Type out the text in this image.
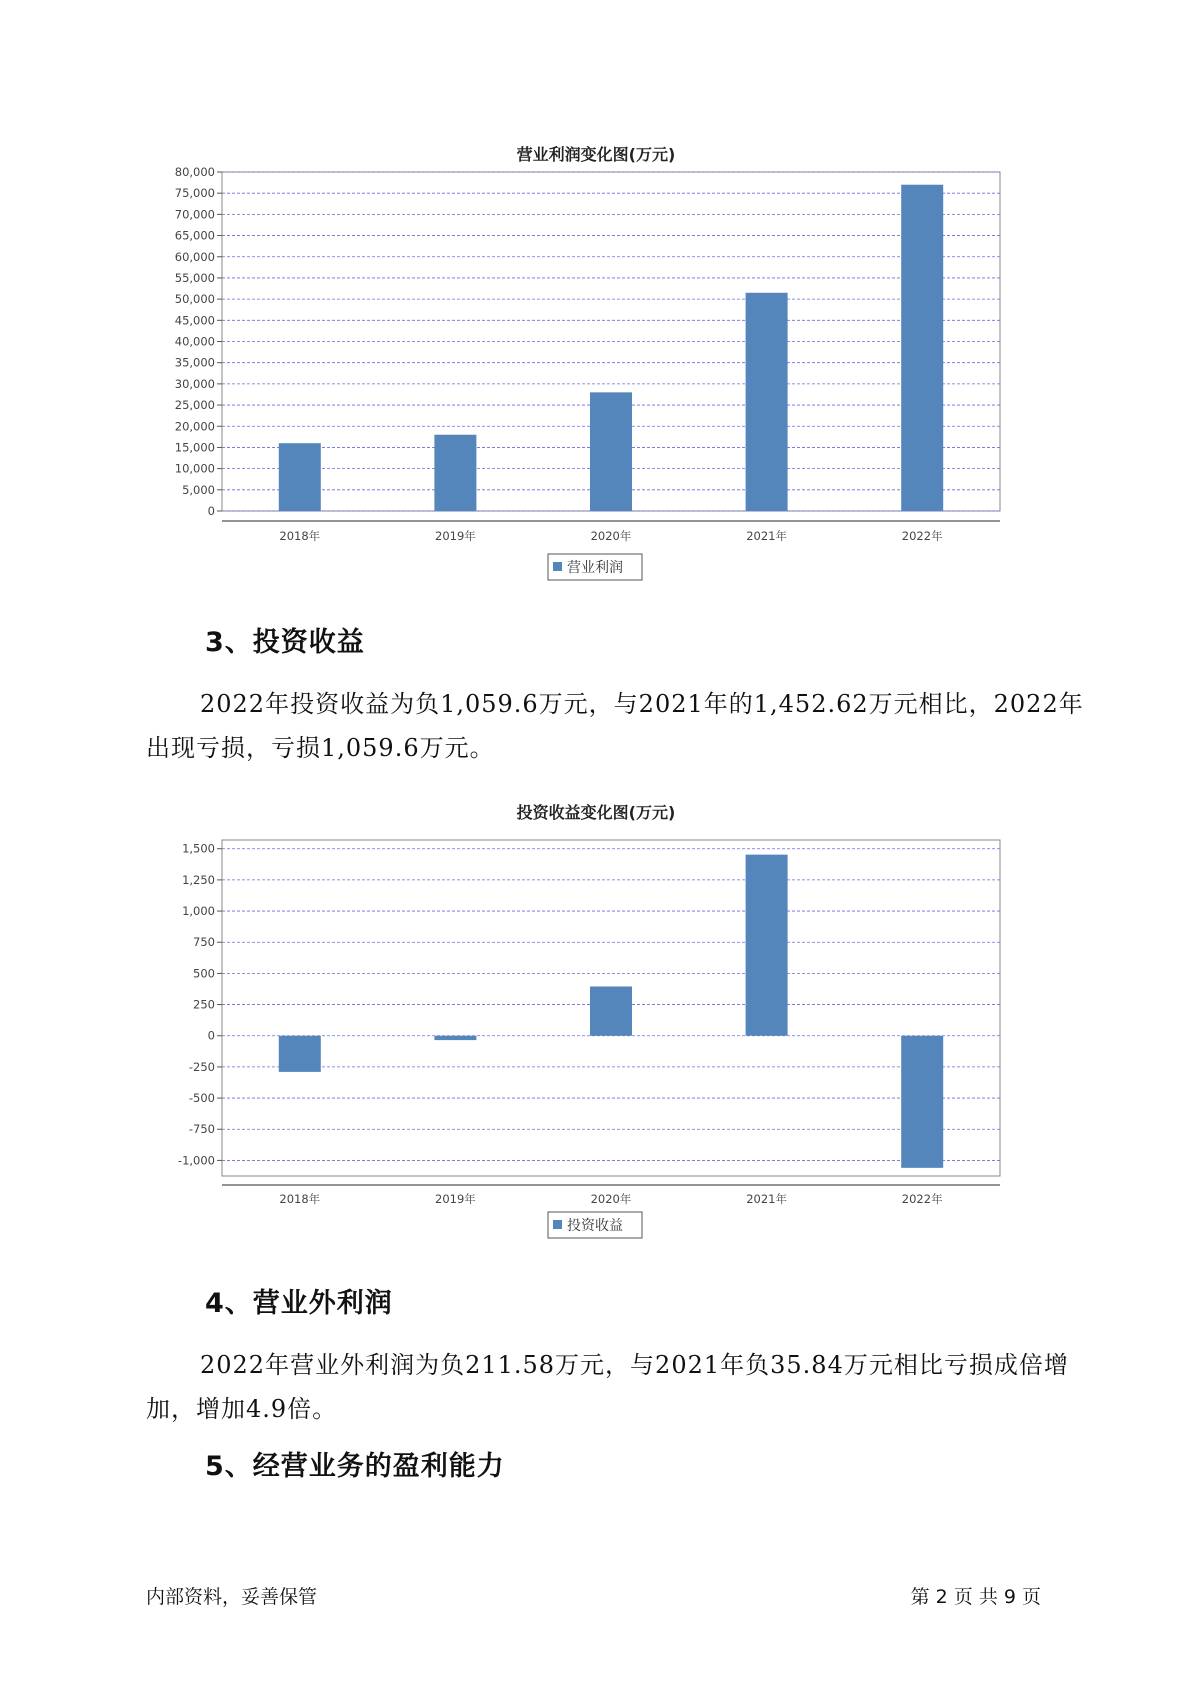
营业利润变化图(万元)
0
5,000
10,000
15,000
20,000
25,000
30,000
35,000
40,000
45,000
50,000
55,000
60,000
65,000
70,000
75,000
80,000
2018年	2019年	2020年	2021年	2022年
营业利润
投资收益变化图(万元)
-1,000
-750
-500
-250
0
250
500
750
1,000
1,250
1,500
2018年	2019年	2020年	2021年	2022年
投资收益
3、投资收益

2022年投资收益为负1,059.6万元，与2021年的1,452.62万元相比，2022年出现亏损，亏损1,059.6万元。

4、营业外利润

2022年营业外利润为负211.58万元，与2021年负35.84万元相比亏损成倍增加，增加4.9倍。

5、经营业务的盈利能力
内部资料，妥善保管	第 2 页 共 9 页
